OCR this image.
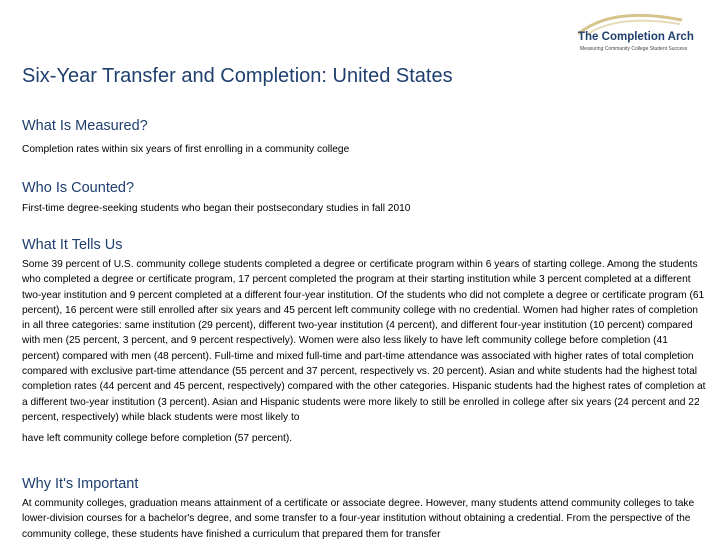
The Completion Arch
Measuring Community College Student Success
Six-Year Transfer and Completion: United States
What Is Measured?
Completion rates within six years of first enrolling in a community college
Who Is Counted?
First-time degree-seeking students who began their postsecondary studies in fall 2010
What It Tells Us
Some 39 percent of U.S. community college students completed a degree or certificate program within 6 years of starting college. Among the students who completed a degree or certificate program, 17 percent completed the program at their starting institution while 3 percent completed at a different two-year institution and 9 percent completed at a different four-year institution. Of the students who did not complete a degree or certificate program (61 percent), 16 percent were still enrolled after six years and 45 percent left community college with no credential. Women had higher rates of completion in all three categories: same institution (29 percent), different two-year institution (4 percent), and different four-year institution (10 percent) compared with men (25 percent, 3 percent, and 9 percent respectively). Women were also less likely to have left community college before completion (41 percent) compared with men (48 percent). Full-time and mixed full-time and part-time attendance was associated with higher rates of total completion compared with exclusive part-time attendance (55 percent and 37 percent, respectively vs. 20 percent). Asian and white students had the highest total completion rates (44 percent and 45 percent, respectively) compared with the other categories. Hispanic students had the highest rates of completion at a different two-year institution (3 percent). Asian and Hispanic students were more likely to still be enrolled in college after six years (24 percent and 22 percent, respectively) while black students were most likely to
have left community college before completion (57 percent).
Why It's Important
At community colleges, graduation means attainment of a certificate or associate degree. However, many students attend community colleges to take lower-division courses for a bachelor's degree, and some transfer to a four-year institution without obtaining a credential. From the perspective of the community college, these students have finished a curriculum that prepared them for transfer
